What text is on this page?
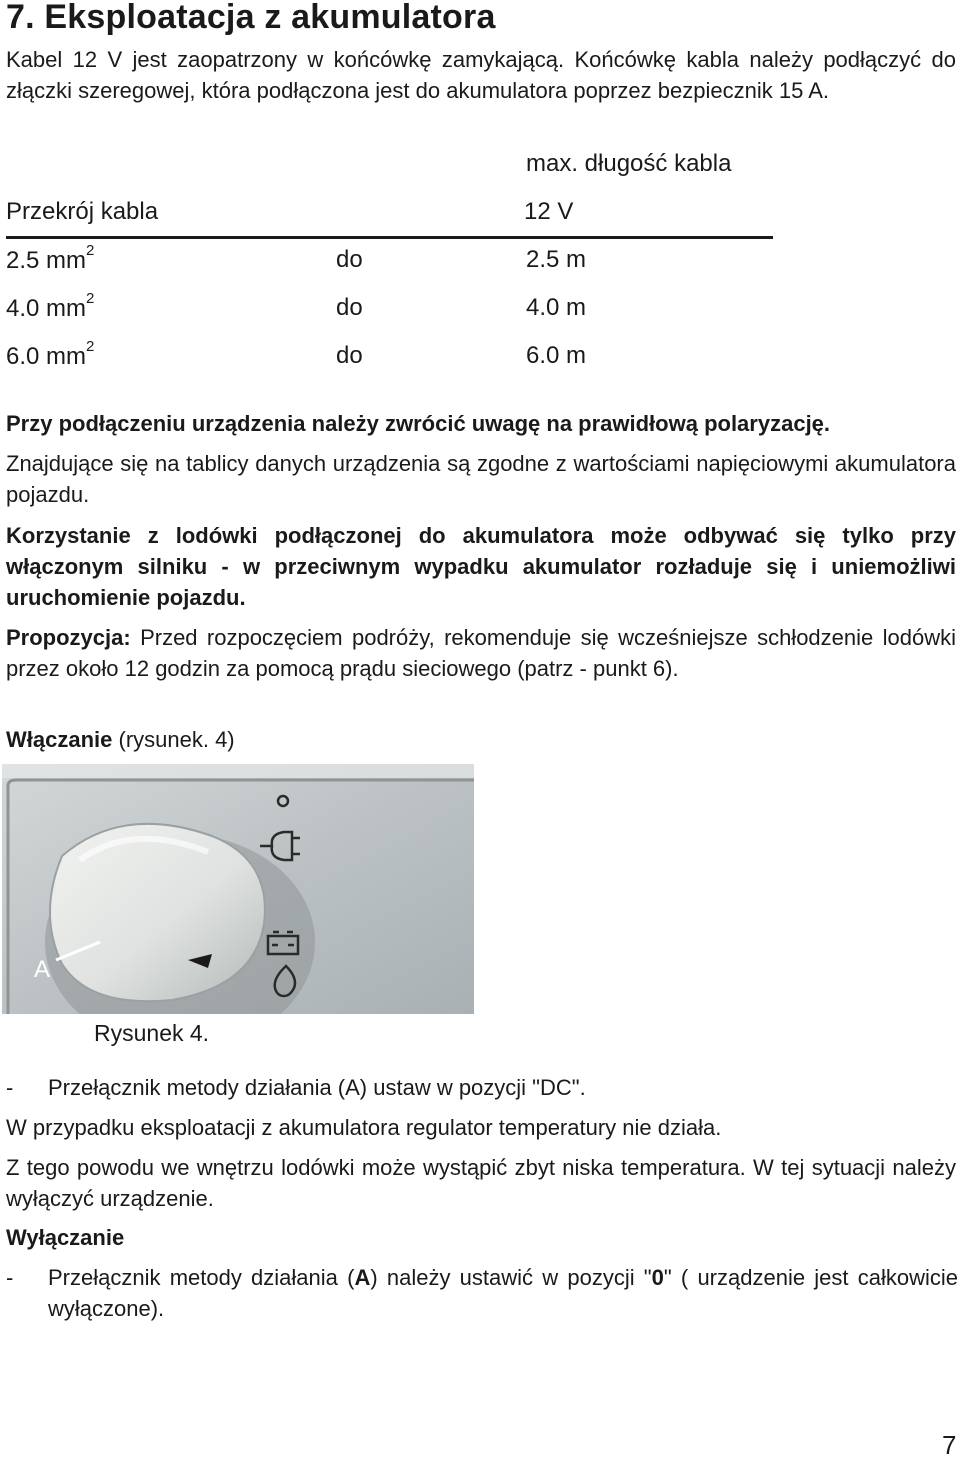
7. Eksploatacja z akumulatora

Kabel 12 V jest zaopatrzony w końcówkę zamykającą. Końcówkę kabla należy podłączyć do złączki szeregowej, która podłączona jest do akumulatora poprzez bezpiecznik 15 A.

max. długość kabla
Przekrój kabla	12 V
2.5 $mm^2$	do	2.5 m
4.0 $mm^2$	do	4.0 m
6.0 $mm^2$	do	6.0 m

Przy podłączeniu urządzenia należy zwrócić uwagę na prawidłową polaryzację.

Znajdujące się na tablicy danych urządzenia są zgodne z wartościami napięciowymi akumulatora pojazdu.

Korzystanie z lodówki podłączonej do akumulatora może odbywać się tylko przy włączonym silniku - w przeciwnym wypadku akumulator rozładuje się i uniemożliwi uruchomienie pojazdu.

Propozycja: Przed rozpoczęciem podróży, rekomenduje się wcześniejsze schłodzenie lodówki przez około 12 godzin za pomocą prądu sieciowego (patrz - punkt 6).

Włączanie (rysunek. 4)

A
Rysunek 4.
- Przełącznik metody działania (A) ustaw w pozycji "DC".

W przypadku eksploatacji z akumulatora regulator temperatury nie działa.

Z tego powodu we wnętrzu lodówki może wystąpić zbyt niska temperatura. W tej sytuacji należy wyłączyć urządzenie.

Wyłączanie

- Przełącznik metody działania (A) należy ustawić w pozycji "0" ( urządzenie jest całkowicie wyłączone).
7
